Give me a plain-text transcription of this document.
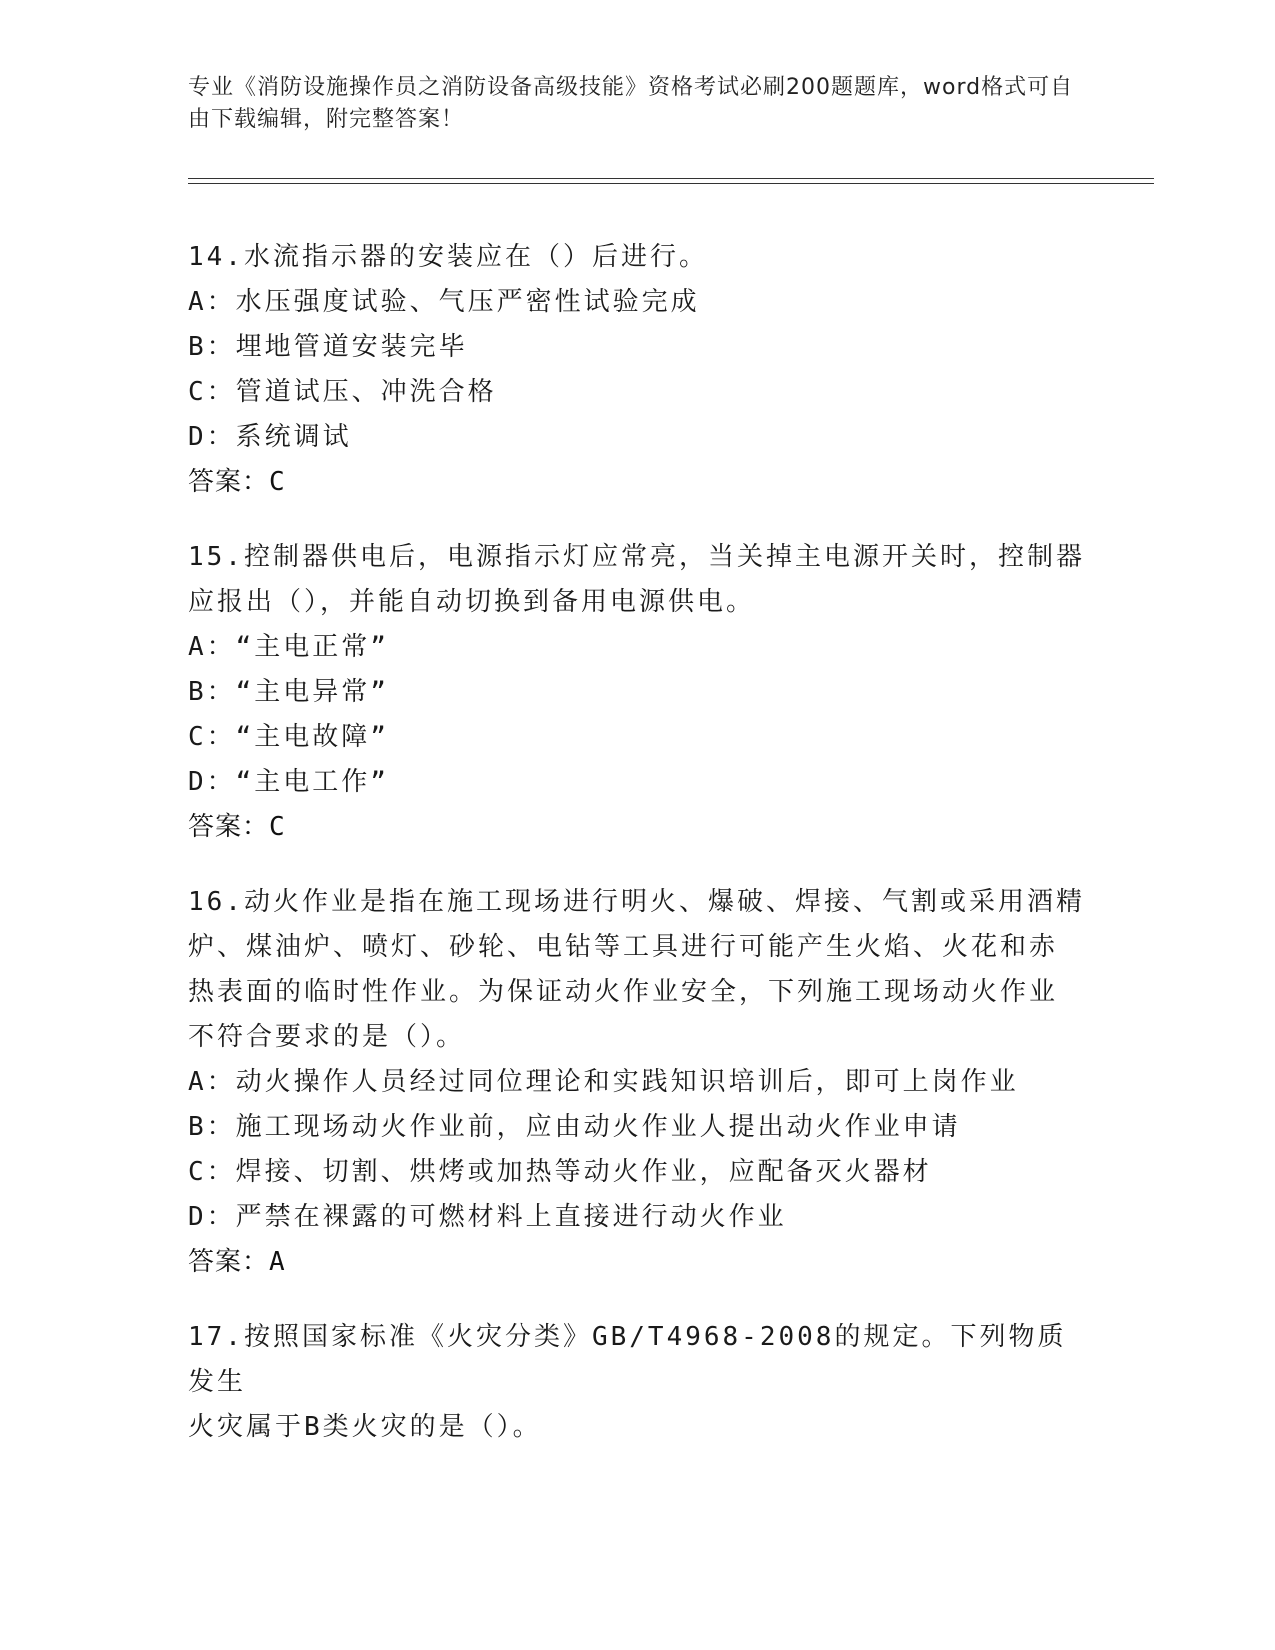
专业《消防设施操作员之消防设备高级技能》资格考试必刷200题题库，word格式可自由下载编辑，附完整答案！

14.水流指示器的安装应在（）后进行。

A：水压强度试验、气压严密性试验完成

B：埋地管道安装完毕

C：管道试压、冲洗合格

D：系统调试

答案：C

15.控制器供电后，电源指示灯应常亮，当关掉主电源开关时，控制器

应报出（），并能自动切换到备用电源供电。

A：“主电正常”

B：“主电异常”

C：“主电故障”

D：“主电工作”

答案：C

16.动火作业是指在施工现场进行明火、爆破、焊接、气割或采用酒精

炉、煤油炉、喷灯、砂轮、电钻等工具进行可能产生火焰、火花和赤

热表面的临时性作业。为保证动火作业安全，下列施工现场动火作业

不符合要求的是（）。

A：动火操作人员经过同位理论和实践知识培训后，即可上岗作业

B：施工现场动火作业前，应由动火作业人提出动火作业申请

C：焊接、切割、烘烤或加热等动火作业，应配备灭火器材

D：严禁在裸露的可燃材料上直接进行动火作业

答案：A

17.按照国家标准《火灾分类》GB/T4968-2008的规定。下列物质发生

火灾属于B类火灾的是（）。
